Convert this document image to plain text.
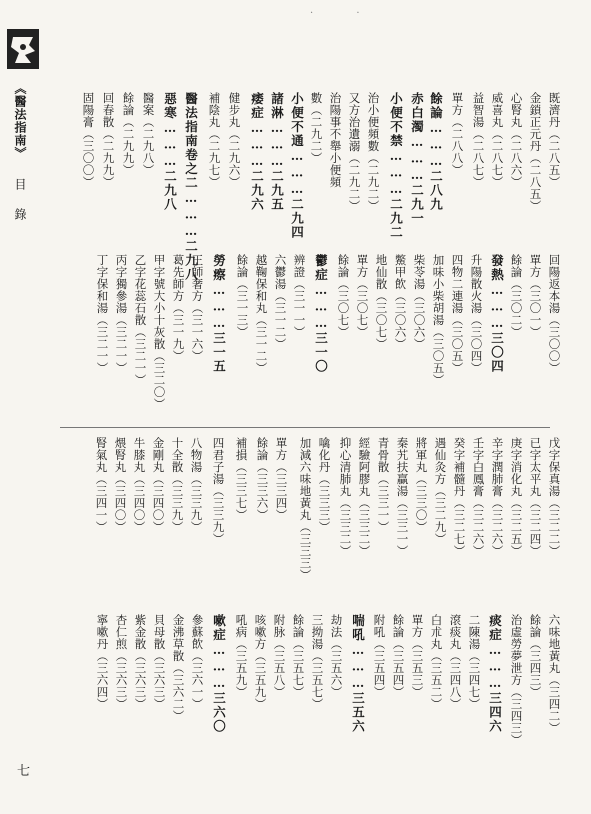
《醫法指南》
目錄
七
· ·
既濟丹（二八五）
金鎖正元丹（二八五）
心腎丸（二八六）
威喜丸（二八七）
益智湯（二八七）
單方（二八八）
餘論………二八九
赤白濁………二九一
小便不禁………二九二
治小便頻數（二九二）
又方治遺溺（二九二）
治陽事不舉小便頻
數（二九二）
小便不通………二九四
諸淋………二九五
痿症………二九六
健步丸（二九六）
補陰丸（二九七）
醫法指南卷之二………二九八
惡寒………二九八
醫案（二九八）
餘論（二九九）
回春散（二九九）
固陽膏（三〇〇）
回陽返本湯（三〇〇）
單方（三〇一）
餘論（三〇二）
發熱………三〇四
升陽散火湯（三〇四）
四物二連湯（三〇五）
加味小柴胡湯（三〇五）
柴苓湯（三〇六）
鱉甲飲（三〇六）
地仙散（三〇七）
單方（三〇七）
餘論（三〇七）
鬱症………三一〇
辨證（三一一）
六鬱湯（三一二）
越鞠保和丸（三一二）
餘論（三一三）
勞瘵………三一五
王師奢方（三一六）
葛先師方（三一九）
甲字號大小十灰散（三二〇）
乙字花蕊石散（三二一）
丙字獨參湯（三二一）
丁字保和湯（三二一）
戊字保真湯（三二二）
已字太平丸（三二四）
庚字消化丸（三二五）
辛字潤肺膏（三二六）
壬字白鳳膏（三二六）
癸字補髓丹（三二七）
遇仙灸方（三二九）
將軍丸（三三〇）
秦艽扶贏湯（三三一）
青骨散（三三一）
經驗阿膠丸（三三二）
抑心清肺丸（三三二）
噙化丹（三三三）
加減六味地黃丸（三三三）
單方（三三四）
餘論（三三六）
補損（三三七）
四君子湯（三三九）
八物湯（三三九）
十全散（三三九）
金剛丸（三四〇）
牛膝丸（三四〇）
煨腎丸（三四〇）
腎氣丸（三四一）
六味地黃丸（三四二）
餘論（三四三）
治虛勞夢泄方（三四三）
痰症………三四六
二陳湯（三四七）
滾痰丸（三四八）
白朮丸（三五二）
單方（三五三）
餘論（三五四）
附吼（三五四）
喘吼………三五六
劫法（三五六）
三拗湯（三五七）
餘論（三五七）
附脉（三五八）
咳嗽方（三五九）
吼病（三五九）
嗽症………三六〇
參蘇飲（三六一）
金沸草散（三六二）
貝母散（三六三）
紫金散（三六三）
杏仁煎（三六三）
寧嗽丹（三六四）
